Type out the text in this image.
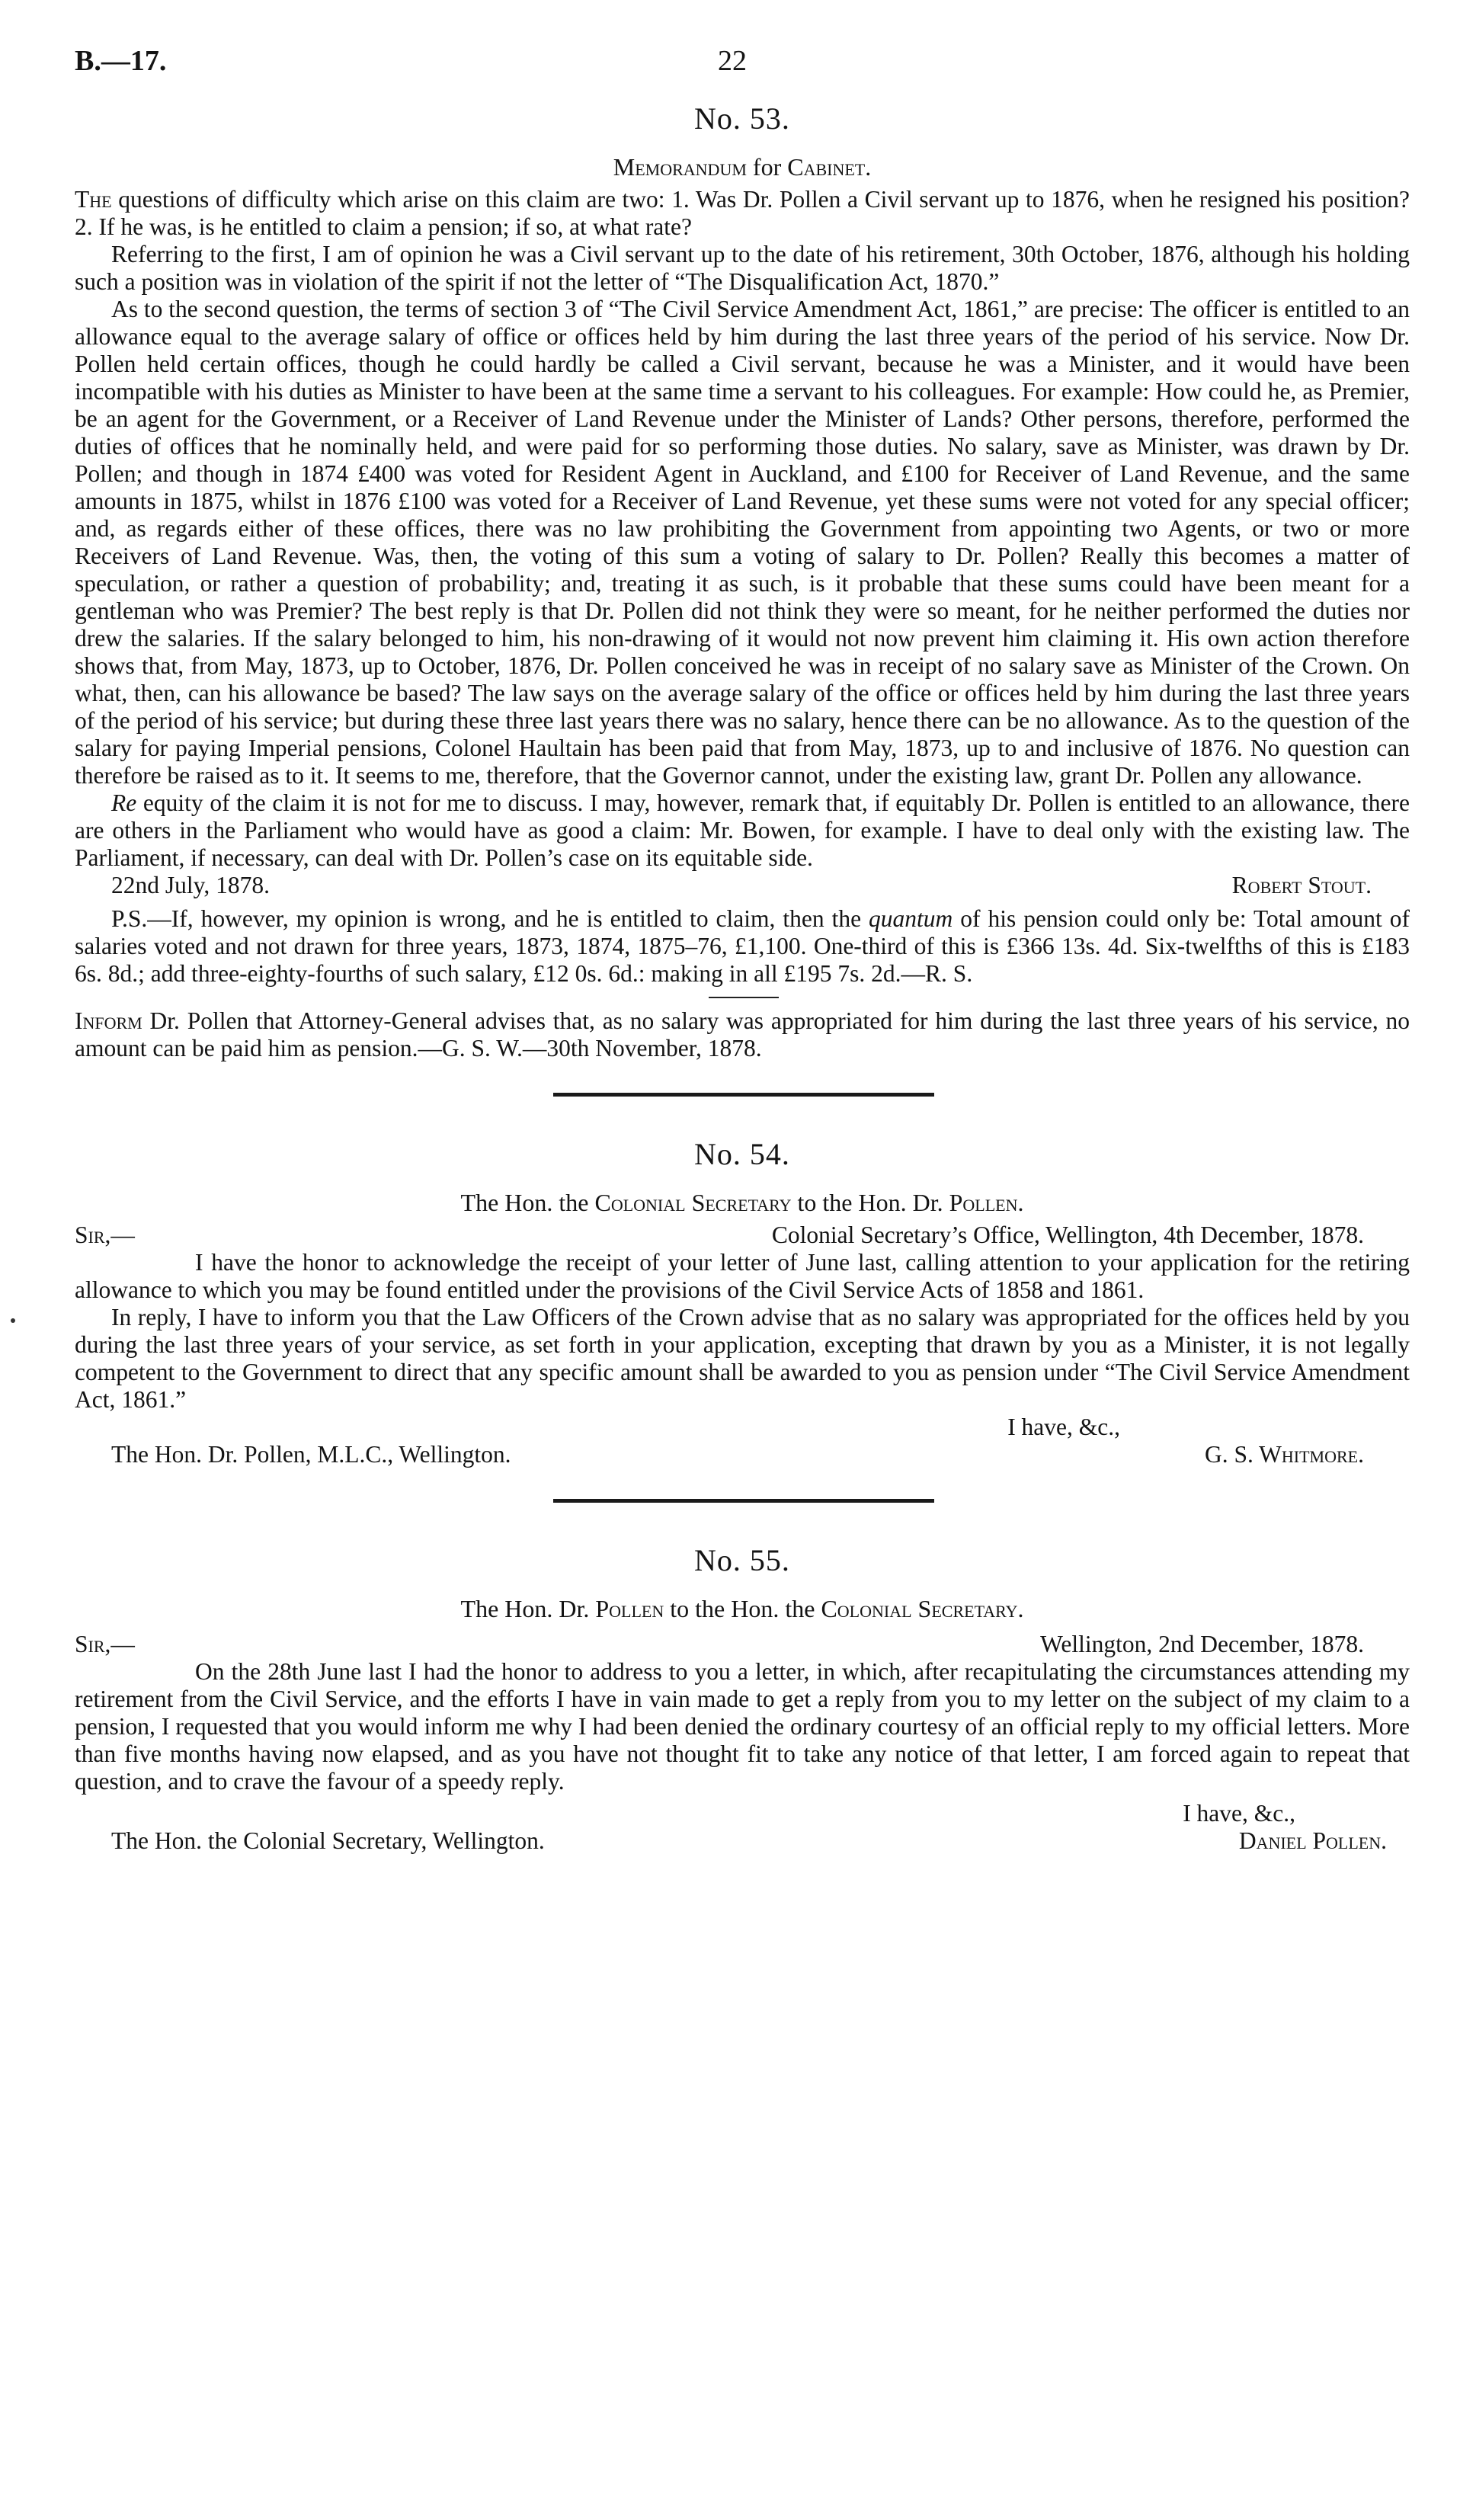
B.—17.	22
No. 53.
Memorandum for Cabinet.

The questions of difficulty which arise on this claim are two: 1. Was Dr. Pollen a Civil servant up to 1876, when he resigned his position? 2. If he was, is he entitled to claim a pension; if so, at what rate?

Referring to the first, I am of opinion he was a Civil servant up to the date of his retirement, 30th October, 1876, although his holding such a position was in violation of the spirit if not the letter of “The Disqualification Act, 1870.”

As to the second question, the terms of section 3 of “The Civil Service Amendment Act, 1861,” are precise: The officer is entitled to an allowance equal to the average salary of office or offices held by him during the last three years of the period of his service. Now Dr. Pollen held certain offices, though he could hardly be called a Civil servant, because he was a Minister, and it would have been incompatible with his duties as Minister to have been at the same time a servant to his colleagues. For example: How could he, as Premier, be an agent for the Government, or a Receiver of Land Revenue under the Minister of Lands? Other persons, therefore, performed the duties of offices that he nominally held, and were paid for so performing those duties. No salary, save as Minister, was drawn by Dr. Pollen; and though in 1874 £400 was voted for Resident Agent in Auckland, and £100 for Receiver of Land Revenue, and the same amounts in 1875, whilst in 1876 £100 was voted for a Receiver of Land Revenue, yet these sums were not voted for any special officer; and, as regards either of these offices, there was no law prohibiting the Government from appointing two Agents, or two or more Receivers of Land Revenue. Was, then, the voting of this sum a voting of salary to Dr. Pollen? Really this becomes a matter of speculation, or rather a question of probability; and, treating it as such, is it probable that these sums could have been meant for a gentleman who was Premier? The best reply is that Dr. Pollen did not think they were so meant, for he neither performed the duties nor drew the salaries. If the salary belonged to him, his non-drawing of it would not now prevent him claiming it. His own action therefore shows that, from May, 1873, up to October, 1876, Dr. Pollen conceived he was in receipt of no salary save as Minister of the Crown. On what, then, can his allowance be based? The law says on the average salary of the office or offices held by him during the last three years of the period of his service; but during these three last years there was no salary, hence there can be no allowance. As to the question of the salary for paying Imperial pensions, Colonel Haultain has been paid that from May, 1873, up to and inclusive of 1876. No question can therefore be raised as to it. It seems to me, therefore, that the Governor cannot, under the existing law, grant Dr. Pollen any allowance.

Re equity of the claim it is not for me to discuss. I may, however, remark that, if equitably Dr. Pollen is entitled to an allowance, there are others in the Parliament who would have as good a claim: Mr. Bowen, for example. I have to deal only with the existing law. The Parliament, if necessary, can deal with Dr. Pollen’s case on its equitable side.

22nd July, 1878.	Robert Stout.

P.S.—If, however, my opinion is wrong, and he is entitled to claim, then the quantum of his pension could only be: Total amount of salaries voted and not drawn for three years, 1873, 1874, 1875–76, £1,100. One-third of this is £366 13s. 4d. Six-twelfths of this is £183 6s. 8d.; add three-eighty-fourths of such salary, £12 0s. 6d.: making in all £195 7s. 2d.—R. S.

Inform Dr. Pollen that Attorney-General advises that, as no salary was appropriated for him during the last three years of his service, no amount can be paid him as pension.—G. S. W.—30th November, 1878.

No. 54.
The Hon. the Colonial Secretary to the Hon. Dr. Pollen.
Sir,—	Colonial Secretary’s Office, Wellington, 4th December, 1878.

I have the honor to acknowledge the receipt of your letter of June last, calling attention to your application for the retiring allowance to which you may be found entitled under the provisions of the Civil Service Acts of 1858 and 1861.

In reply, I have to inform you that the Law Officers of the Crown advise that as no salary was appropriated for the offices held by you during the last three years of your service, as set forth in your application, excepting that drawn by you as a Minister, it is not legally competent to the Government to direct that any specific amount shall be awarded to you as pension under “The Civil Service Amendment Act, 1861.”

I have, &c.,
The Hon. Dr. Pollen, M.L.C., Wellington.	G. S. Whitmore.
No. 55.
The Hon. Dr. Pollen to the Hon. the Colonial Secretary.
Sir,—	Wellington, 2nd December, 1878.

On the 28th June last I had the honor to address to you a letter, in which, after recapitulating the circumstances attending my retirement from the Civil Service, and the efforts I have in vain made to get a reply from you to my letter on the subject of my claim to a pension, I requested that you would inform me why I had been denied the ordinary courtesy of an official reply to my official letters. More than five months having now elapsed, and as you have not thought fit to take any notice of that letter, I am forced again to repeat that question, and to crave the favour of a speedy reply.

I have, &c.,
The Hon. the Colonial Secretary, Wellington.	Daniel Pollen.
